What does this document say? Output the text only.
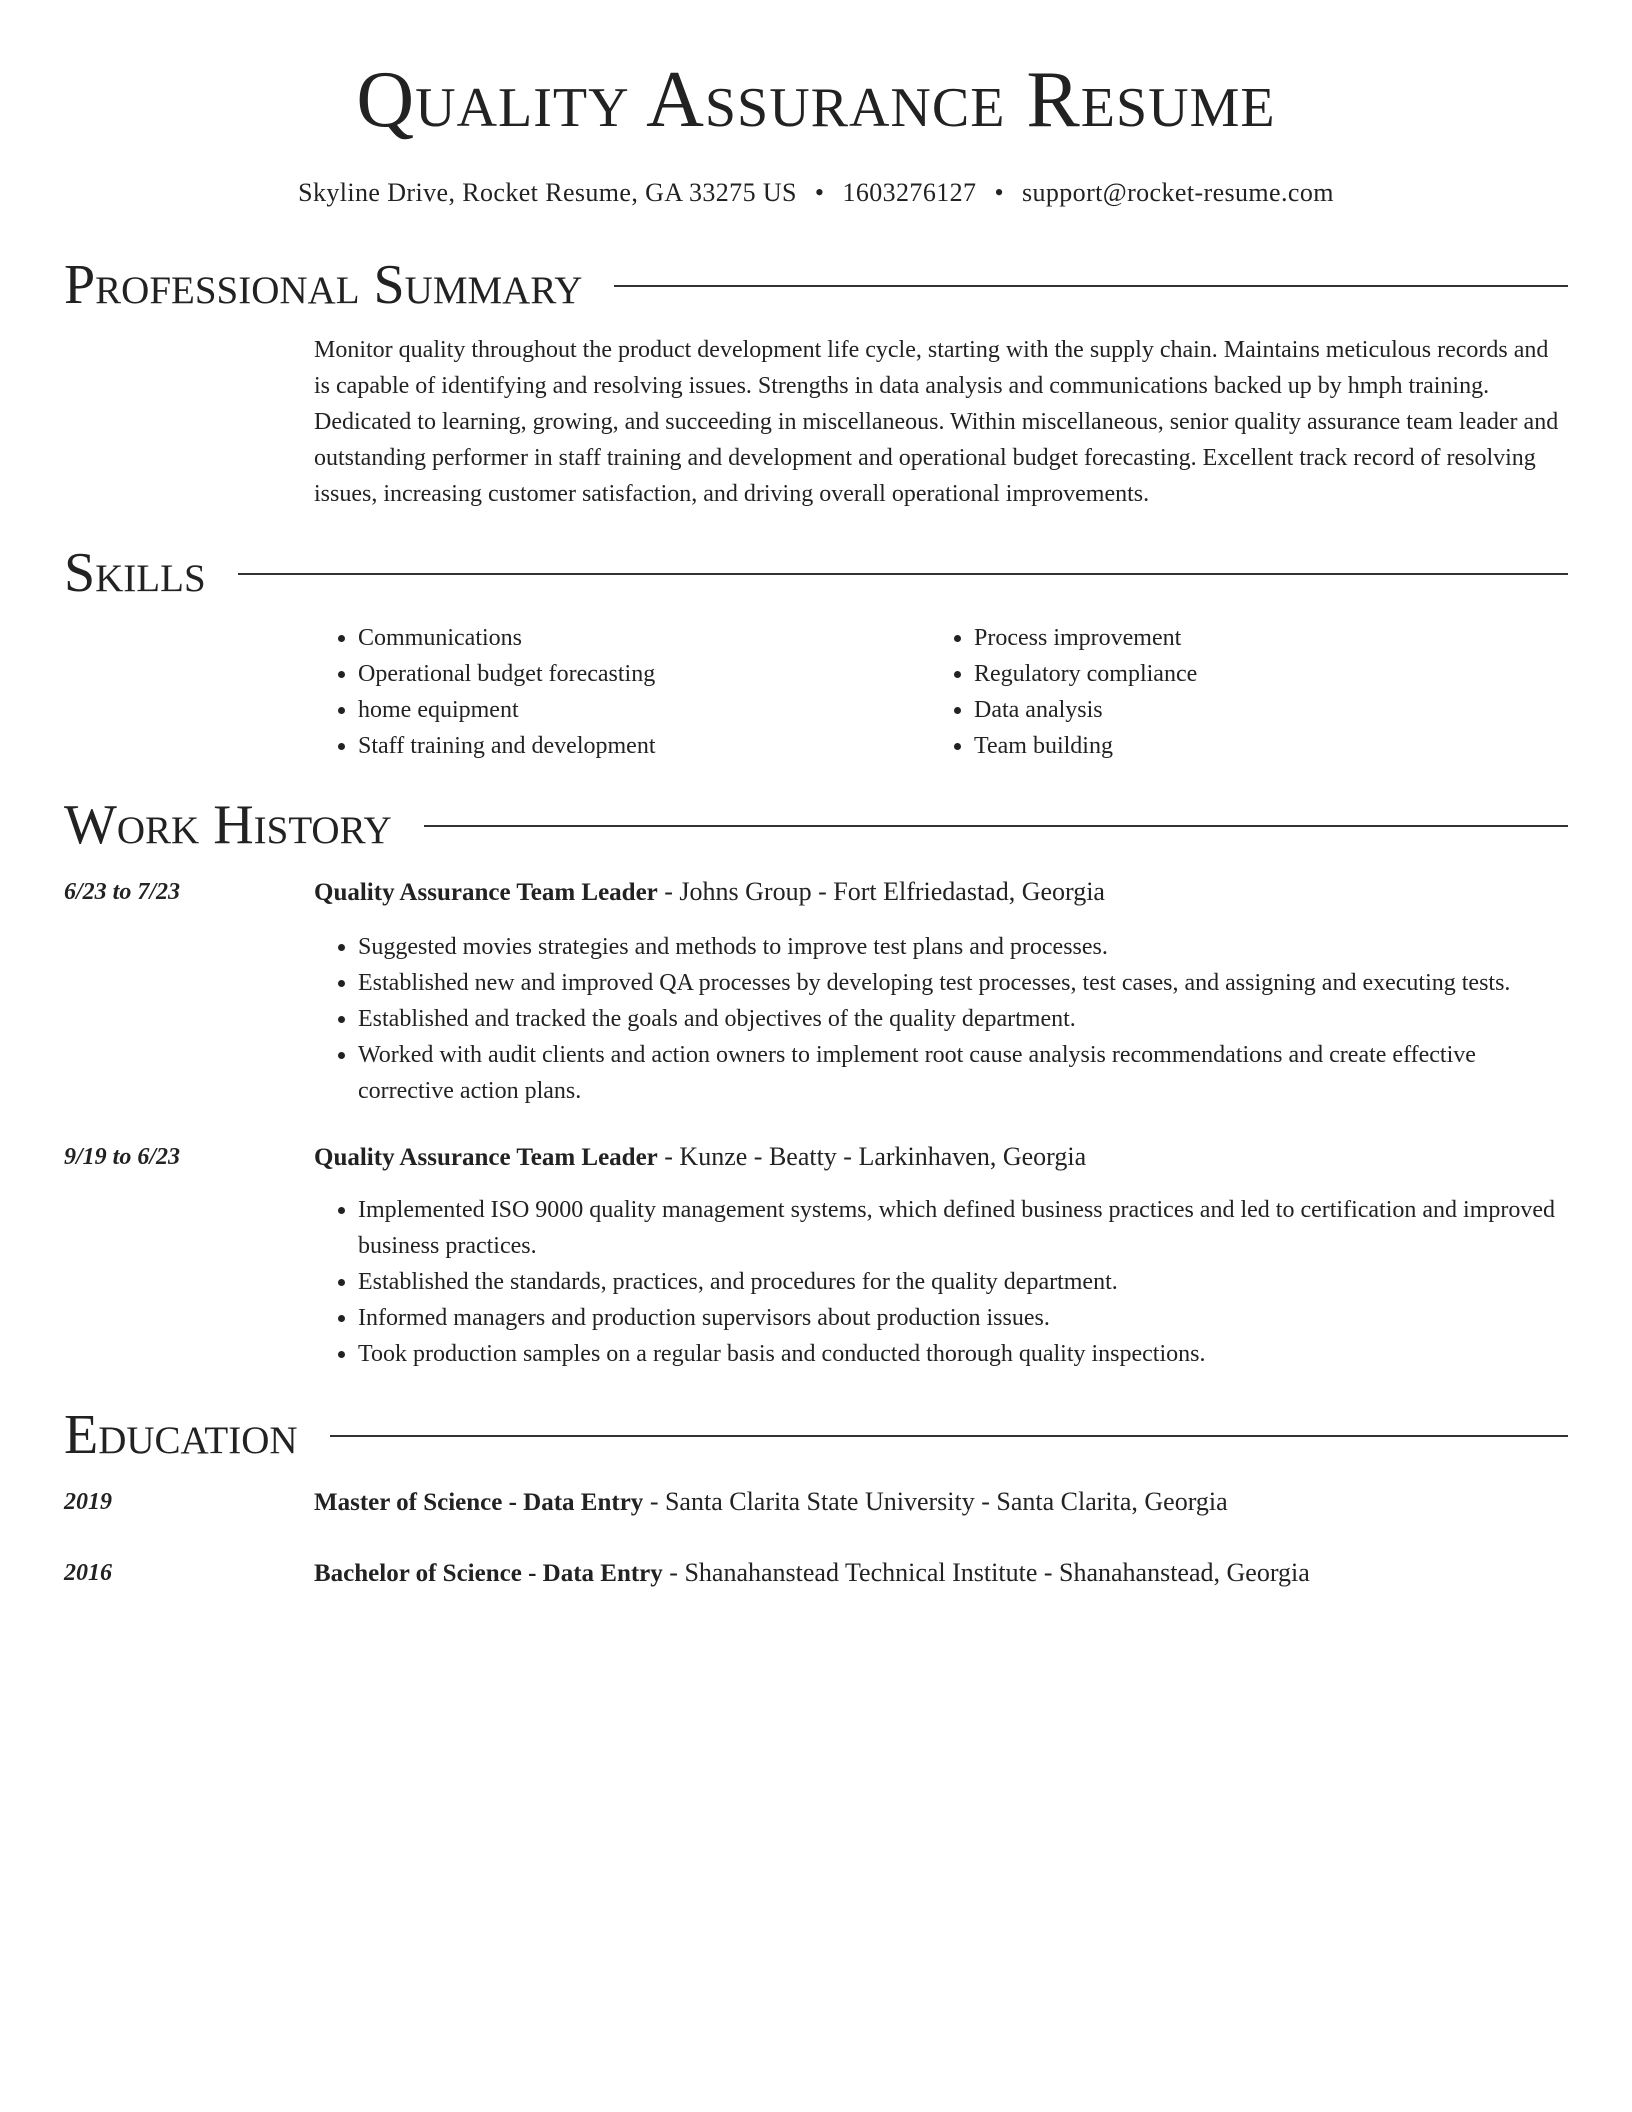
Quality Assurance Resume
Skyline Drive, Rocket Resume, GA 33275 US • 1603276127 • support@rocket-resume.com
Professional Summary

Monitor quality throughout the product development life cycle, starting with the supply chain. Maintains meticulous records and is capable of identifying and resolving issues. Strengths in data analysis and communications backed up by hmph training. Dedicated to learning, growing, and succeeding in miscellaneous. Within miscellaneous, senior quality assurance team leader and outstanding performer in staff training and development and operational budget forecasting. Excellent track record of resolving issues, increasing customer satisfaction, and driving overall operational improvements.

Skills
• Communications
• Operational budget forecasting
• home equipment
• Staff training and development
• Process improvement
• Regulatory compliance
• Data analysis
• Team building
Work History
6/23 to 7/23	Quality Assurance Team Leader - Johns Group - Fort Elfriedastad, Georgia
• Suggested movies strategies and methods to improve test plans and processes.
• Established new and improved QA processes by developing test processes, test cases, and assigning and executing tests.
• Established and tracked the goals and objectives of the quality department.
• Worked with audit clients and action owners to implement root cause analysis recommendations and create effective corrective action plans.
9/19 to 6/23	Quality Assurance Team Leader - Kunze - Beatty - Larkinhaven, Georgia
• Implemented ISO 9000 quality management systems, which defined business practices and led to certification and improved business practices.
• Established the standards, practices, and procedures for the quality department.
• Informed managers and production supervisors about production issues.
• Took production samples on a regular basis and conducted thorough quality inspections.
Education
2019	Master of Science - Data Entry - Santa Clarita State University - Santa Clarita, Georgia
2016	Bachelor of Science - Data Entry - Shanahanstead Technical Institute - Shanahanstead, Georgia
